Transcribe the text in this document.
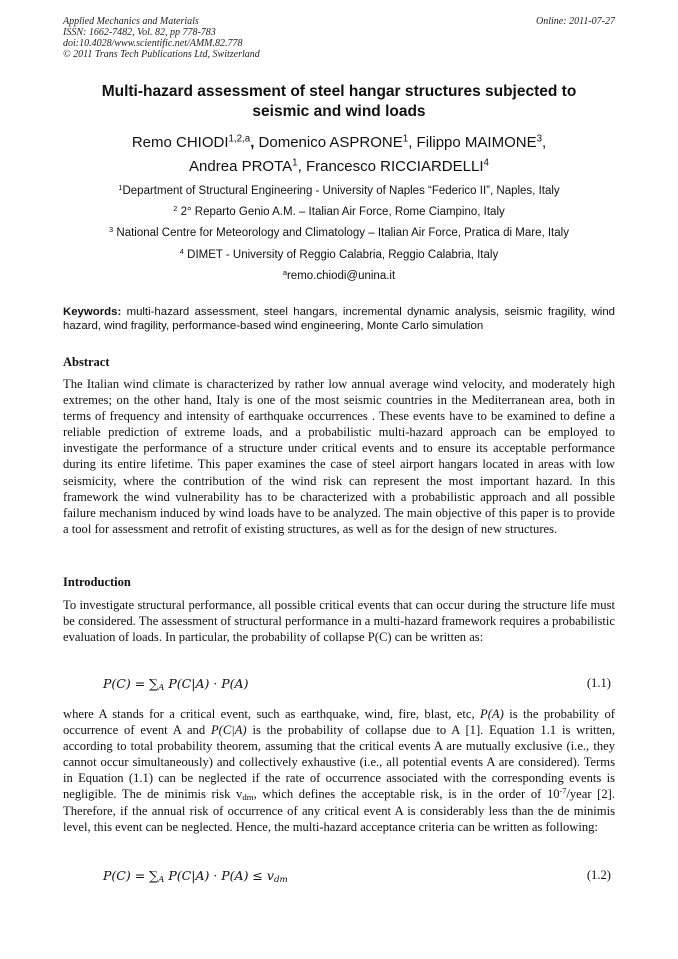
Applied Mechanics and Materials
ISSN: 1662-7482, Vol. 82, pp 778-783
doi:10.4028/www.scientific.net/AMM.82.778
© 2011 Trans Tech Publications Ltd, Switzerland
Online: 2011-07-27
Multi-hazard assessment of steel hangar structures subjected to
seismic and wind loads
Remo CHIODI$^{1,2,a}$, Domenico ASPRONE$^1$, Filippo MAIMONE$^3$,
Andrea PROTA$^1$, Francesco RICCIARDELLI$^4$
$^1$Department of Structural Engineering - University of Naples “Federico II”, Naples, Italy
$^2$ 2° Reparto Genio A.M. – Italian Air Force, Rome Ciampino, Italy
$^3$ National Centre for Meteorology and Climatology – Italian Air Force, Pratica di Mare, Italy
$^4$ DIMET - University of Reggio Calabria, Reggio Calabria, Italy
$^a$remo.chiodi@unina.it
Keywords: multi-hazard assessment, steel hangars, incremental dynamic analysis, seismic fragility, wind hazard, wind fragility, performance-based wind engineering, Monte Carlo simulation
Abstract
The Italian wind climate is characterized by rather low annual average wind velocity, and moderately high extremes; on the other hand, Italy is one of the most seismic countries in the Mediterranean area, both in terms of frequency and intensity of earthquake occurrences . These events have to be examined to define a reliable prediction of extreme loads, and a probabilistic multi-hazard approach can be employed to investigate the performance of a structure under critical events and to ensure its acceptable performance during its entire lifetime. This paper examines the case of steel airport hangars located in areas with low seismicity, where the contribution of the wind risk can represent the most important hazard. In this framework the wind vulnerability has to be characterized with a probabilistic approach and all possible failure mechanism induced by wind loads have to be analyzed. The main objective of this paper is to provide a tool for assessment and retrofit of existing structures, as well as for the design of new structures.
Introduction
To investigate structural performance, all possible critical events that can occur during the structure life must be considered. The assessment of structural performance in a multi-hazard framework requires a probabilistic evaluation of loads. In particular, the probability of collapse P(C) can be written as:
$P(C) = \sum_A$ P(C|A) · P(A)	(1.1)
where A stands for a critical event, such as earthquake, wind, fire, blast, etc, P(A) is the probability of occurrence of event A and P(C|A) is the probability of collapse due to A [1]. Equation 1.1 is written, according to total probability theorem, assuming that the critical events A are mutually exclusive (i.e., they cannot occur simultaneously) and collectively exhaustive (i.e., all potential events A are considered). Terms in Equation (1.1) can be neglected if the rate of occurrence associated with the corresponding events is negligible. The de minimis risk $v_{dm}$, which defines the acceptable risk, is in the order of $10^{-7}$/year [2]. Therefore, if the annual risk of occurrence of any critical event A is considerably less than the de minimis level, this event can be neglected. Hence, the multi-hazard acceptance criteria can be written as following:
$P(C) = \sum_A$ $P(C|A) \cdot P(A) \le v_{dm}$	(1.2)
